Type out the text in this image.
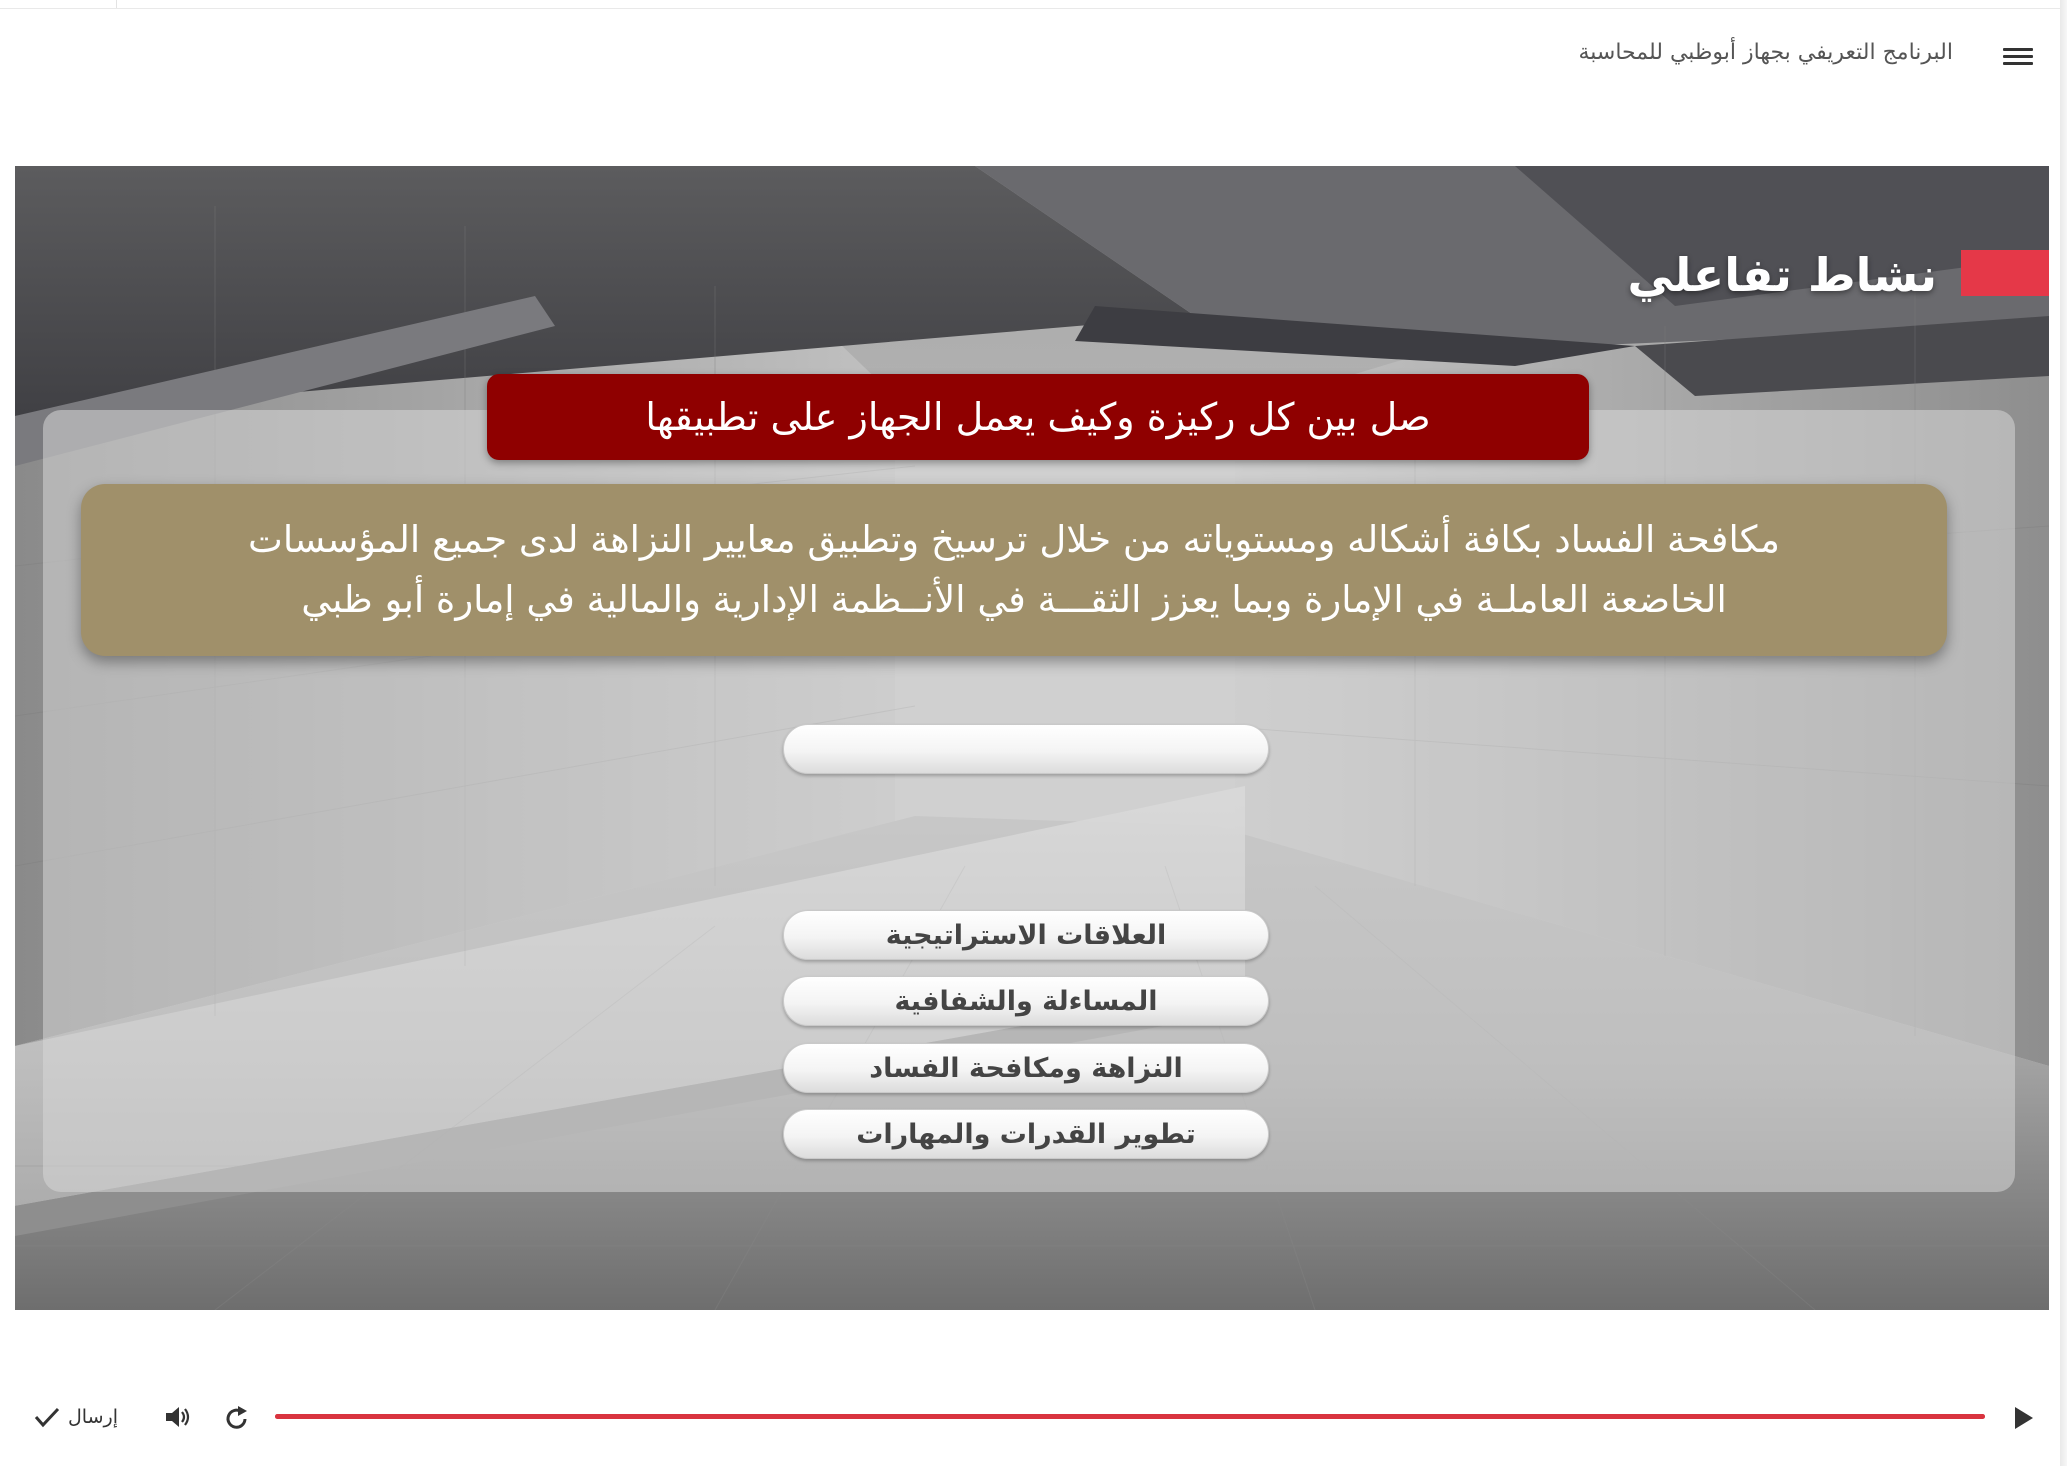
البرنامج التعريفي بجهاز أبوظبي للمحاسبة
نشاط تفاعلي
صل بين كل ركيزة وكيف يعمل الجهاز على تطبيقها
مكافحة الفساد بكافة أشكاله ومستوياته من خلال ترسيخ وتطبيق معايير النزاهة لدى جميع المؤسسات
الخاضعة العاملـة في الإمارة وبما يعزز الثقـــة في الأنــظمة الإدارية والمالية في إمارة أبو ظبي
العلاقات الاستراتيجية
المساءلة والشفافية
النزاهة ومكافحة الفساد
تطوير القدرات والمهارات
إرسال
